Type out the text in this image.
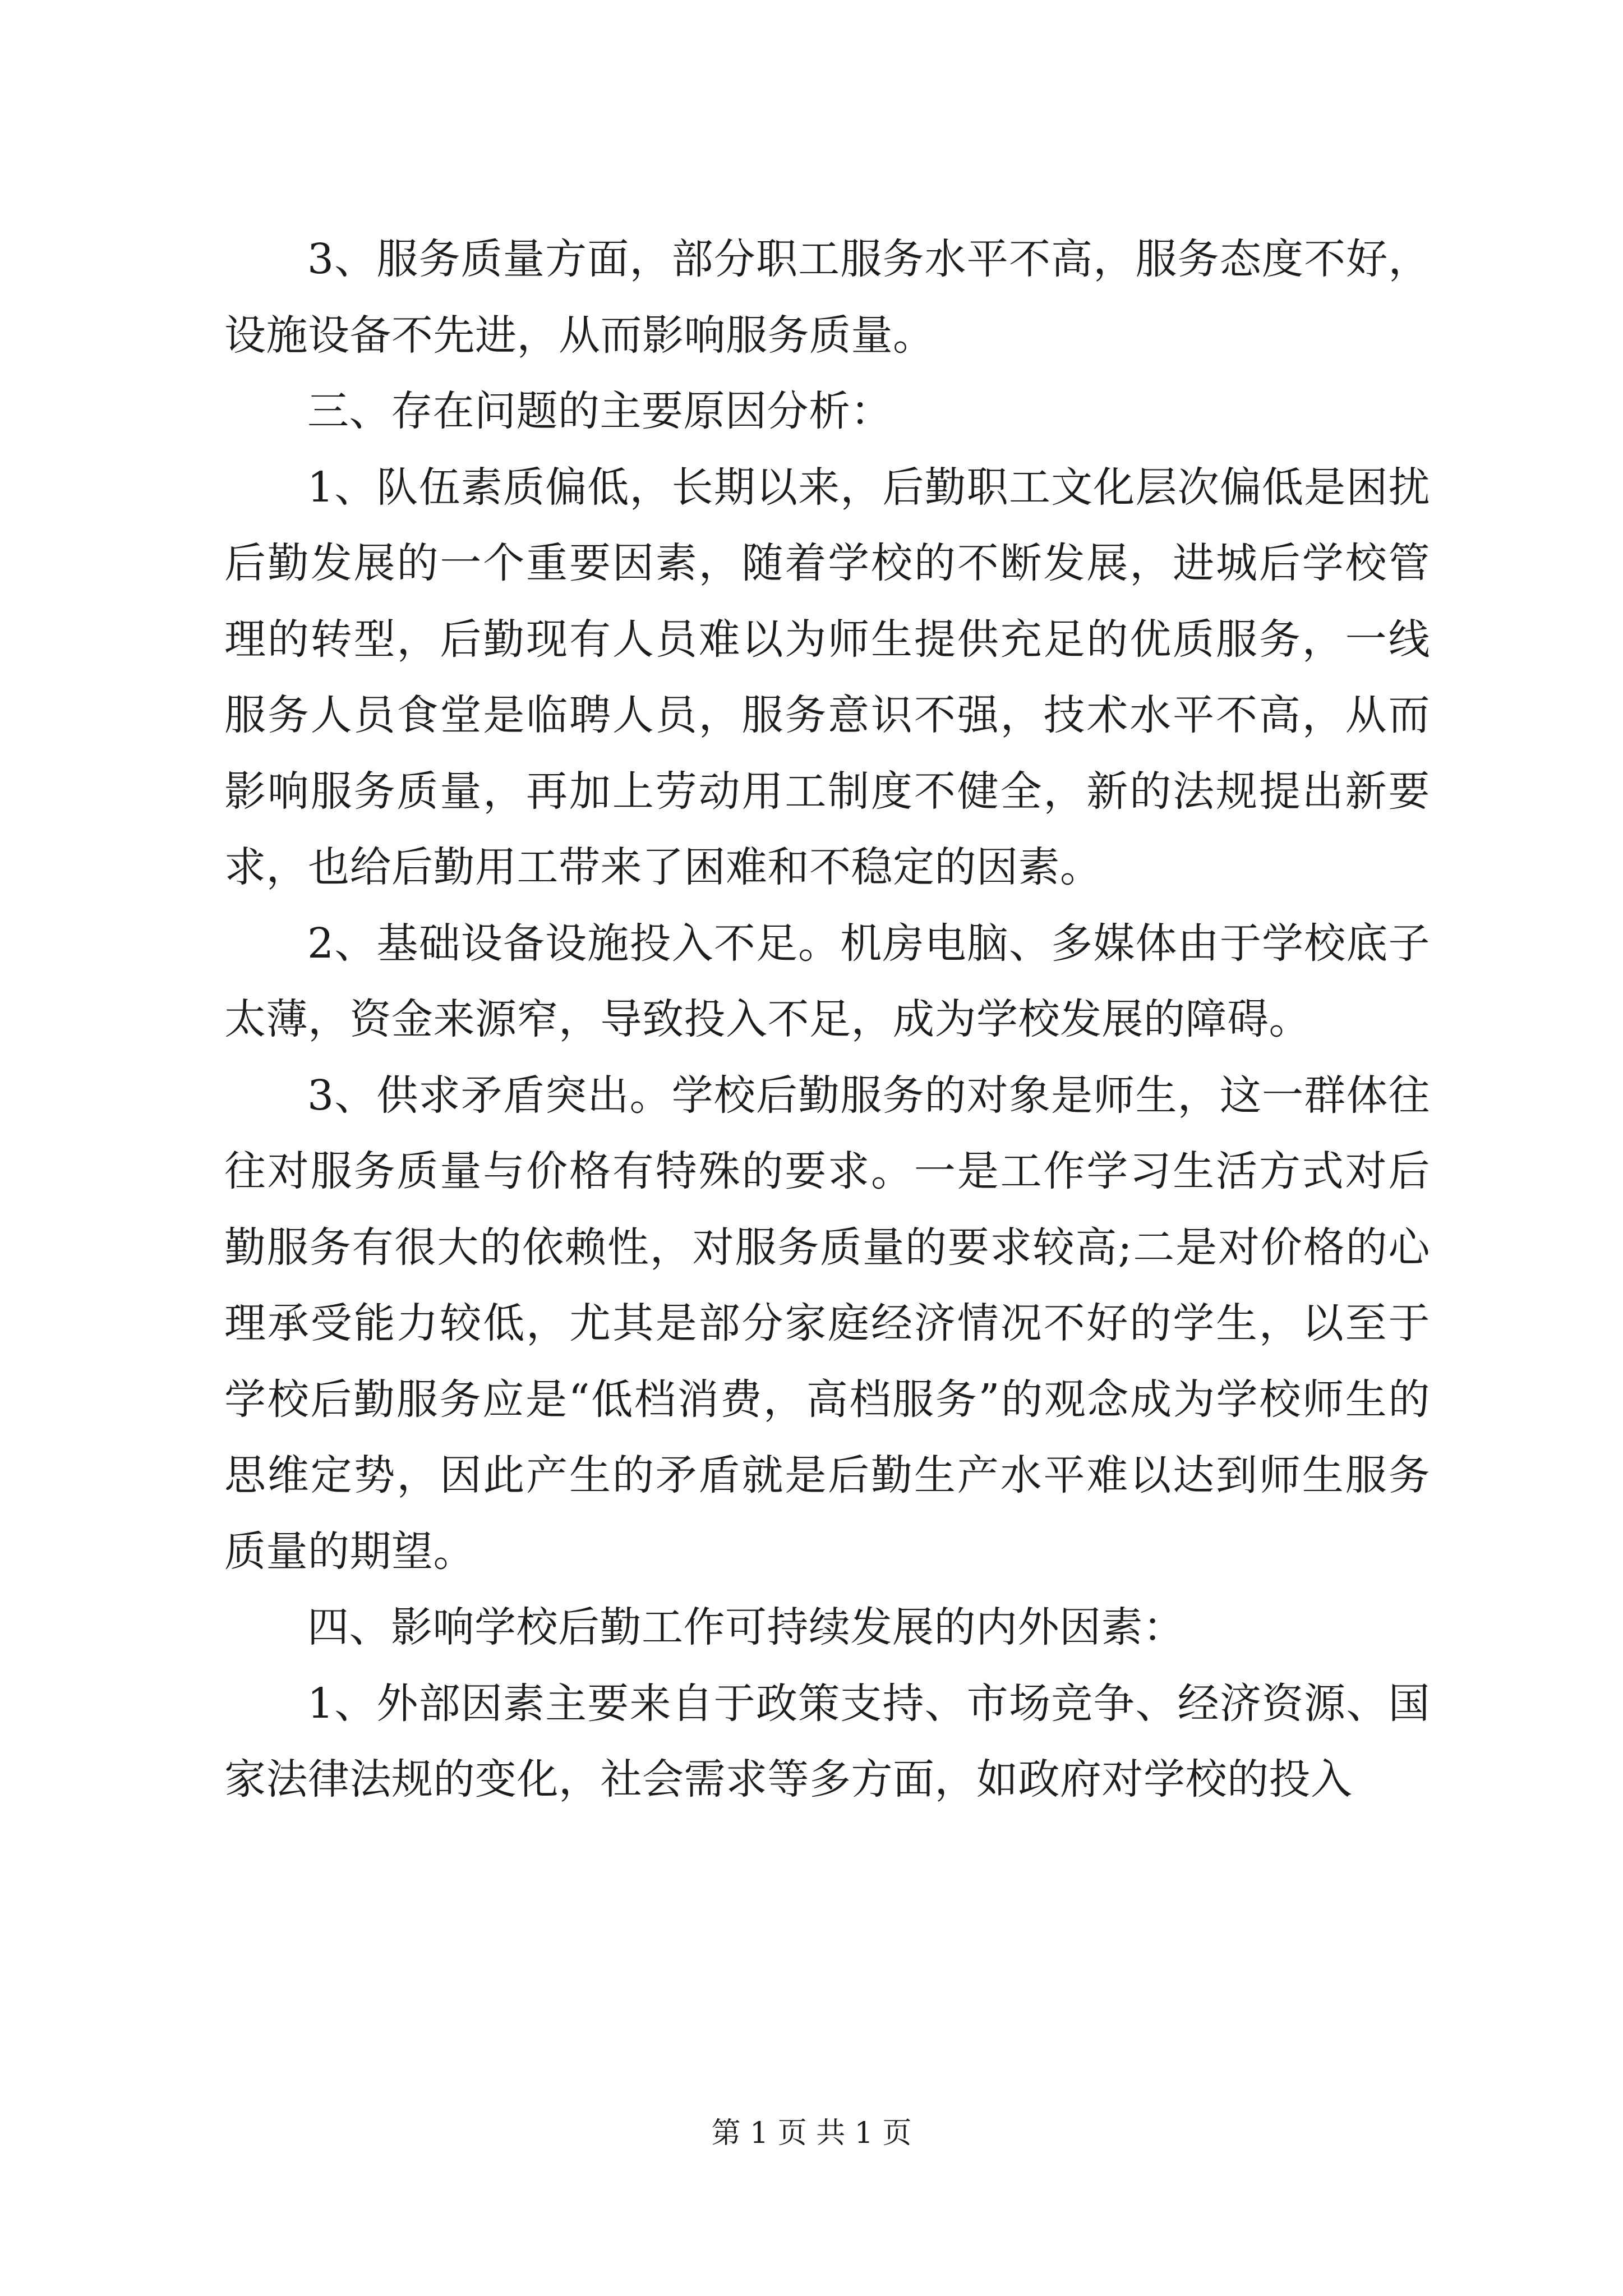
3、服务质量方面，部分职工服务水平不高，服务态度不好，设施设备不先进，从而影响服务质量。

三、存在问题的主要原因分析：

1、队伍素质偏低，长期以来，后勤职工文化层次偏低是困扰后勤发展的一个重要因素，随着学校的不断发展，进城后学校管理的转型，后勤现有人员难以为师生提供充足的优质服务，一线服务人员食堂是临聘人员，服务意识不强，技术水平不高，从而影响服务质量，再加上劳动用工制度不健全，新的法规提出新要求，也给后勤用工带来了困难和不稳定的因素。

2、基础设备设施投入不足。机房电脑、多媒体由于学校底子太薄，资金来源窄，导致投入不足，成为学校发展的障碍。

3、供求矛盾突出。学校后勤服务的对象是师生，这一群体往往对服务质量与价格有特殊的要求。一是工作学习生活方式对后勤服务有很大的依赖性，对服务质量的要求较高;二是对价格的心理承受能力较低，尤其是部分家庭经济情况不好的学生，以至于学校后勤服务应是“低档消费，高档服务”的观念成为学校师生的思维定势，因此产生的矛盾就是后勤生产水平难以达到师生服务质量的期望。

四、影响学校后勤工作可持续发展的内外因素：

1、外部因素主要来自于政策支持、市场竞争、经济资源、国家法律法规的变化，社会需求等多方面，如政府对学校的投入

第 1 页 共 1 页
